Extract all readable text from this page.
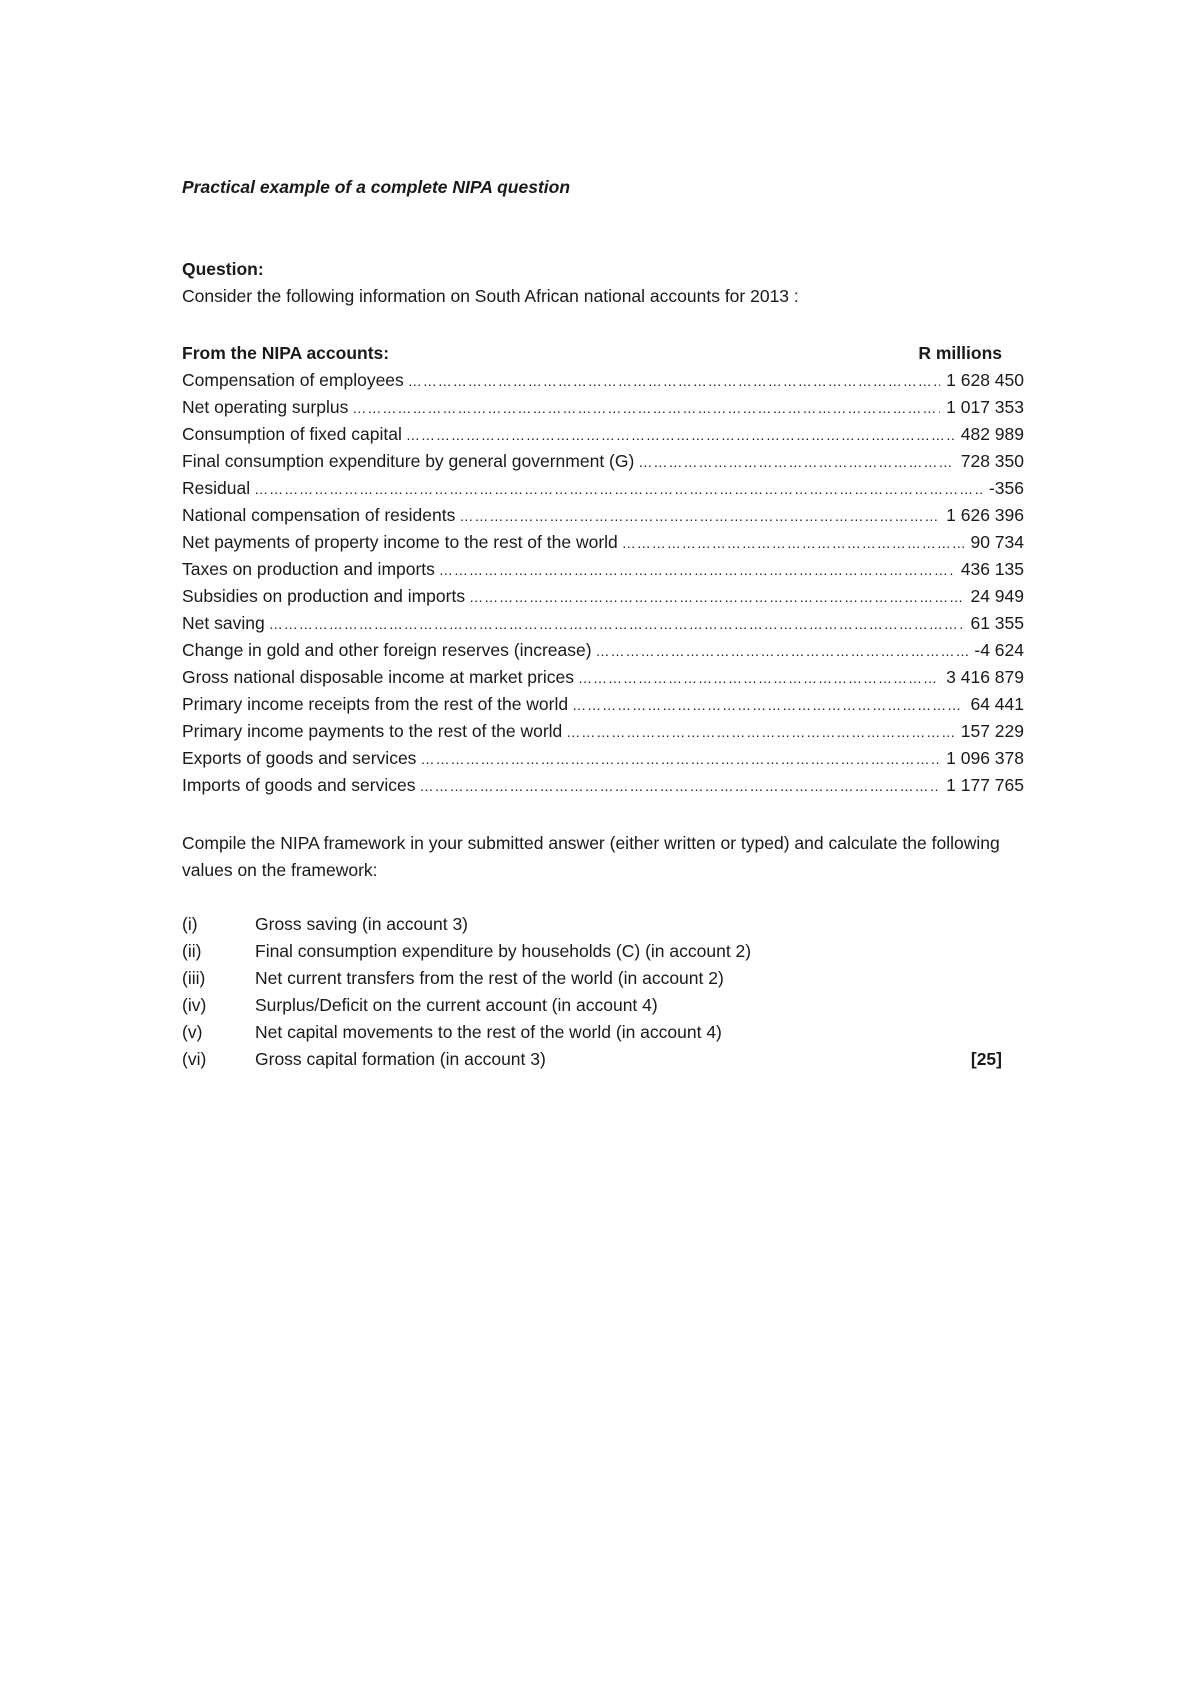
Practical example of a complete NIPA question
Question:
Consider the following information on South African national accounts for 2013 :
From the NIPA accounts:	R millions
Compensation of employees ………………………………………………………………………………………………………………………………………………………………………………	1 628 450
Net operating surplus ………………………………………………………………………………………………………………………………………………………………………………	1 017 353
Consumption of fixed capital ………………………………………………………………………………………………………………………………………………………………………………	482 989
Final consumption expenditure by general government (G) ………………………………………………………………………………………………………………………………………………………………………………	728 350
Residual ………………………………………………………………………………………………………………………………………………………………………………	-356
National compensation of residents ………………………………………………………………………………………………………………………………………………………………………………	1 626 396
Net payments of property income to the rest of the world ………………………………………………………………………………………………………………………………………………………………………………	90 734
Taxes on production and imports ………………………………………………………………………………………………………………………………………………………………………………	436 135
Subsidies on production and imports ………………………………………………………………………………………………………………………………………………………………………………	24 949
Net saving ………………………………………………………………………………………………………………………………………………………………………………	61 355
Change in gold and other foreign reserves (increase) ………………………………………………………………………………………………………………………………………………………………………………	-4 624
Gross national disposable income at market prices ………………………………………………………………………………………………………………………………………………………………………………	3 416 879
Primary income receipts from the rest of the world ………………………………………………………………………………………………………………………………………………………………………………	64 441
Primary income payments to the rest of the world ………………………………………………………………………………………………………………………………………………………………………………	157 229
Exports of goods and services ………………………………………………………………………………………………………………………………………………………………………………	1 096 378
Imports of goods and services ………………………………………………………………………………………………………………………………………………………………………………	1 177 765
Compile the NIPA framework in your submitted answer (either written or typed) and calculate the following values on the framework:
(i)	Gross saving (in account 3)
(ii)	Final consumption expenditure by households (C) (in account 2)
(iii)	Net current transfers from the rest of the world (in account 2)
(iv)	Surplus/Deficit on the current account (in account 4)
(v)	Net capital movements to the rest of the world (in account 4)
(vi)	Gross capital formation (in account 3)	[25]
